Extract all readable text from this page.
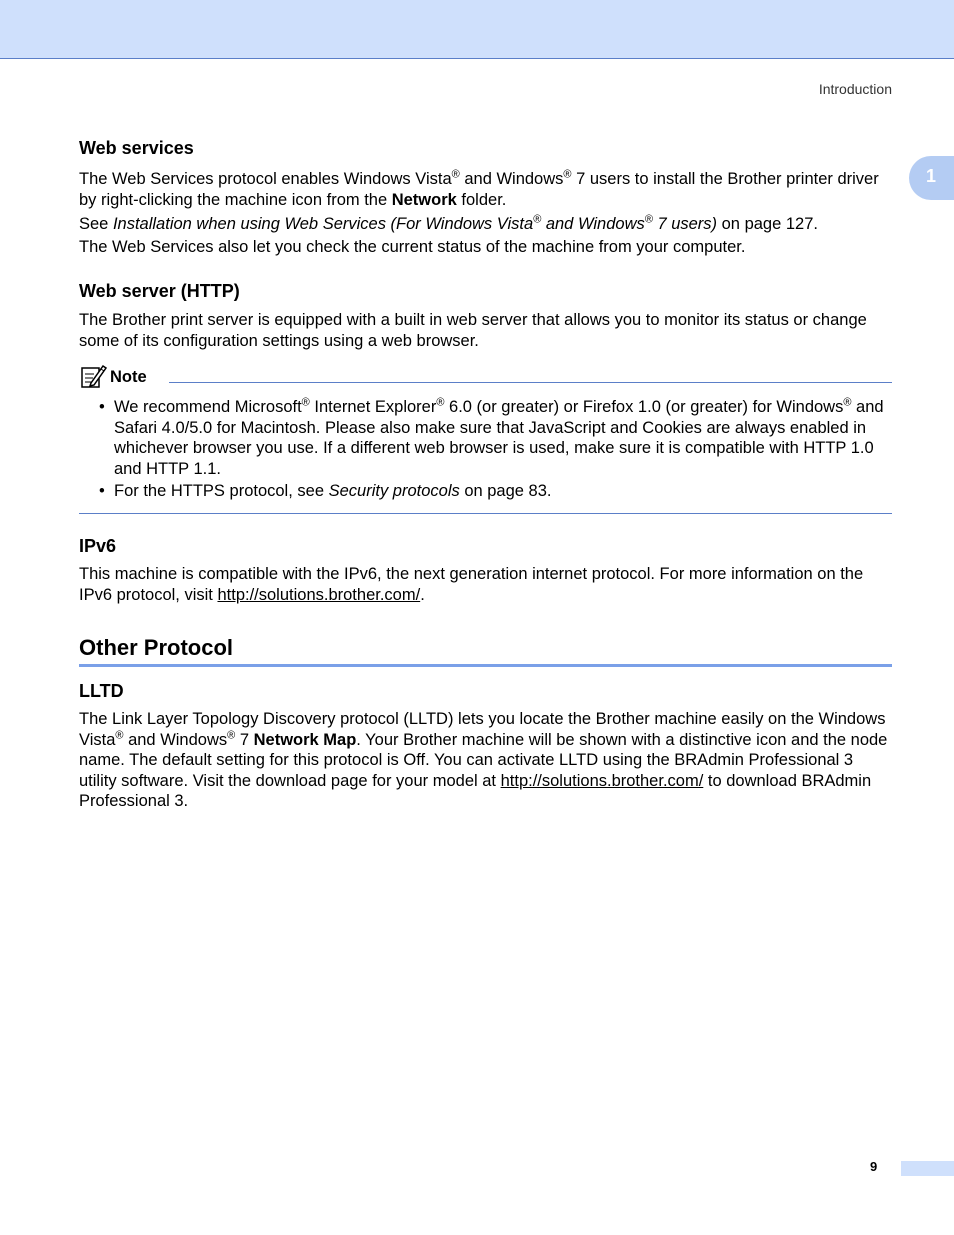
Introduction
1
Web services

The Web Services protocol enables Windows Vista® and Windows® 7 users to install the Brother printer driver by right-clicking the machine icon from the Network folder.

See Installation when using Web Services (For Windows Vista® and Windows® 7 users) on page 127.

The Web Services also let you check the current status of the machine from your computer.

Web server (HTTP)

The Brother print server is equipped with a built in web server that allows you to monitor its status or change some of its configuration settings using a web browser.

Note
• We recommend Microsoft® Internet Explorer® 6.0 (or greater) or Firefox 1.0 (or greater) for Windows® and Safari 4.0/5.0 for Macintosh. Please also make sure that JavaScript and Cookies are always enabled in whichever browser you use. If a different web browser is used, make sure it is compatible with HTTP 1.0 and HTTP 1.1.
• For the HTTPS protocol, see Security protocols on page 83.
IPv6

This machine is compatible with the IPv6, the next generation internet protocol. For more information on the IPv6 protocol, visit http://solutions.brother.com/.

Other Protocol
LLTD

The Link Layer Topology Discovery protocol (LLTD) lets you locate the Brother machine easily on the Windows Vista® and Windows® 7 Network Map. Your Brother machine will be shown with a distinctive icon and the node name. The default setting for this protocol is Off. You can activate LLTD using the BRAdmin Professional 3 utility software. Visit the download page for your model at http://solutions.brother.com/ to download BRAdmin Professional 3.

9
